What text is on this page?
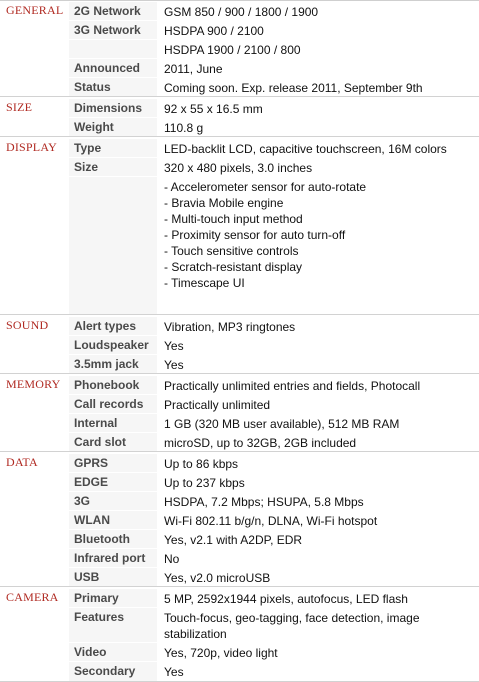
GENERAL 2G Network	GSM 850 / 900 / 1800 / 1900
3G Network	HSDPA 900 / 2100
HSDPA 1900 / 2100 / 800
Announced	2011, June
Status	Coming soon. Exp. release 2011, September 9th
SIZE	Dimensions	92 x 55 x 16.5 mm
Weight	110.8 g
DISPLAY	Type	LED-backlit LCD, capacitive touchscreen, 16M colors
Size	320 x 480 pixels, 3.0 inches
- Accelerometer sensor for auto-rotate
- Bravia Mobile engine
- Multi-touch input method
- Proximity sensor for auto turn-off
- Touch sensitive controls
- Scratch-resistant display
- Timescape UI
SOUND	Alert types	Vibration, MP3 ringtones
Loudspeaker	Yes
3.5mm jack	Yes
MEMORY	Phonebook	Practically unlimited entries and fields, Photocall
Call records	Practically unlimited
Internal	1 GB (320 MB user available), 512 MB RAM
Card slot	microSD, up to 32GB, 2GB included
DATA	GPRS	Up to 86 kbps
EDGE	Up to 237 kbps
3G	HSDPA, 7.2 Mbps; HSUPA, 5.8 Mbps
WLAN	Wi-Fi 802.11 b/g/n, DLNA, Wi-Fi hotspot
Bluetooth	Yes, v2.1 with A2DP, EDR
Infrared port	No
USB	Yes, v2.0 microUSB
CAMERA	Primary	5 MP, 2592x1944 pixels, autofocus, LED flash
Features	Touch-focus, geo-tagging, face detection, image
stabilization
Video	Yes, 720p, video light
Secondary	Yes
